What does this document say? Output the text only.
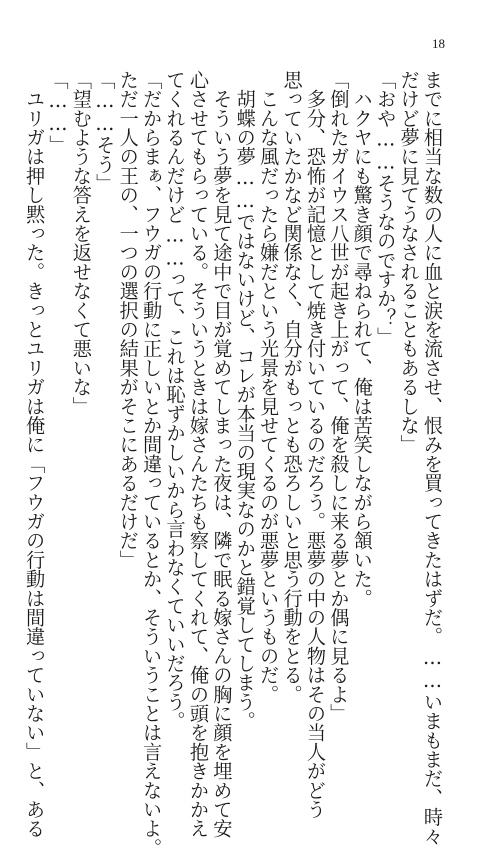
18
までに相当な数の人に血と涙を流させ、恨みを買ってきたはずだ。……いまもまだ、時々
だけど夢に見てうなされることもあるしな」
「おや……そうなのですか？」
　ハクヤにも驚き顔で尋ねられて、俺は苦笑しながら頷いた。
「倒れたガイウス八世が起き上がって、俺を殺しに来る夢とか偶に見るよ」
　多分、恐怖が記憶として焼き付いているのだろう。悪夢の中の人物はその当人がどう
思っていたかなど関係なく、自分がもっとも恐ろしいと思う行動をとる。
　こんな風だったら嫌だという光景を見せてくるのが悪夢というものだ。
　胡蝶の夢……ではないけど、コレが本当の現実なのかと錯覚してしまう。
　そういう夢を見て途中で目が覚めてしまった夜は、隣で眠る嫁さんの胸に顔を埋めて安
心させてもらっている。そういうときは嫁さんたちも察してくれて、俺の頭を抱きかかえ
てくれるんだけど……って、これは恥ずかしいから言わなくていいだろう。
「だからまぁ、フウガの行動に正しいとか間違っているとか、そういうことは言えないよ。
ただ一人の王の、一つの選択の結果がそこにあるだけだ」
「……そう」
「望むような答えを返せなくて悪いな」
「……」
　ユリガは押し黙った。きっとユリガは俺に「フウガの行動は間違っていない」と、ある
